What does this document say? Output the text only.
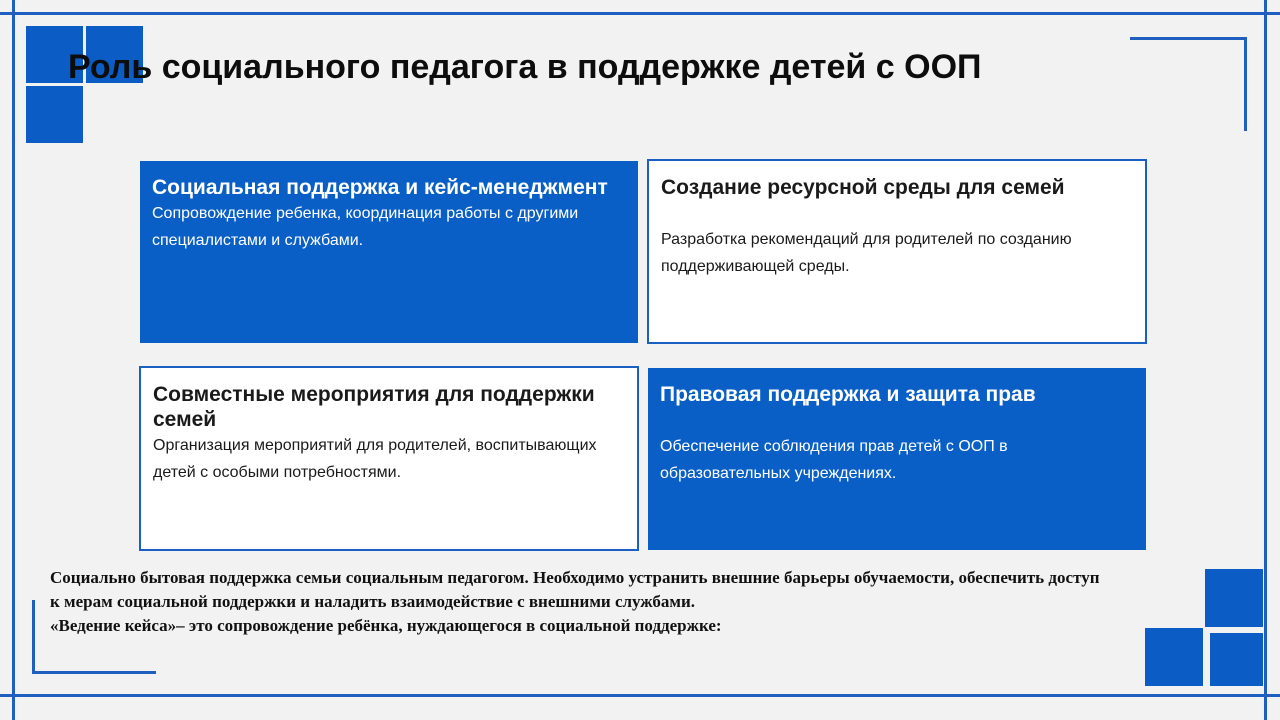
Роль социального педагога в поддержке детей с ООП
Социальная поддержка и кейс-менеджмент

Сопровождение ребенка, координация работы с другими специалистами и службами.

Создание ресурсной среды для семей

Разработка рекомендаций для родителей по созданию поддерживающей среды.

Совместные мероприятия для поддержки семей

Организация мероприятий для родителей, воспитывающих детей с особыми потребностями.

Правовая поддержка и защита прав

Обеспечение соблюдения прав детей с ООП в образовательных учреждениях.

Социально бытовая поддержка семьи социальным педагогом. Необходимо устранить внешние барьеры обучаемости, обеспечить доступ к мерам социальной поддержки и наладить взаимодействие с внешними службами.

«Ведение кейса»– это сопровождение ребёнка, нуждающегося в социальной поддержке:
